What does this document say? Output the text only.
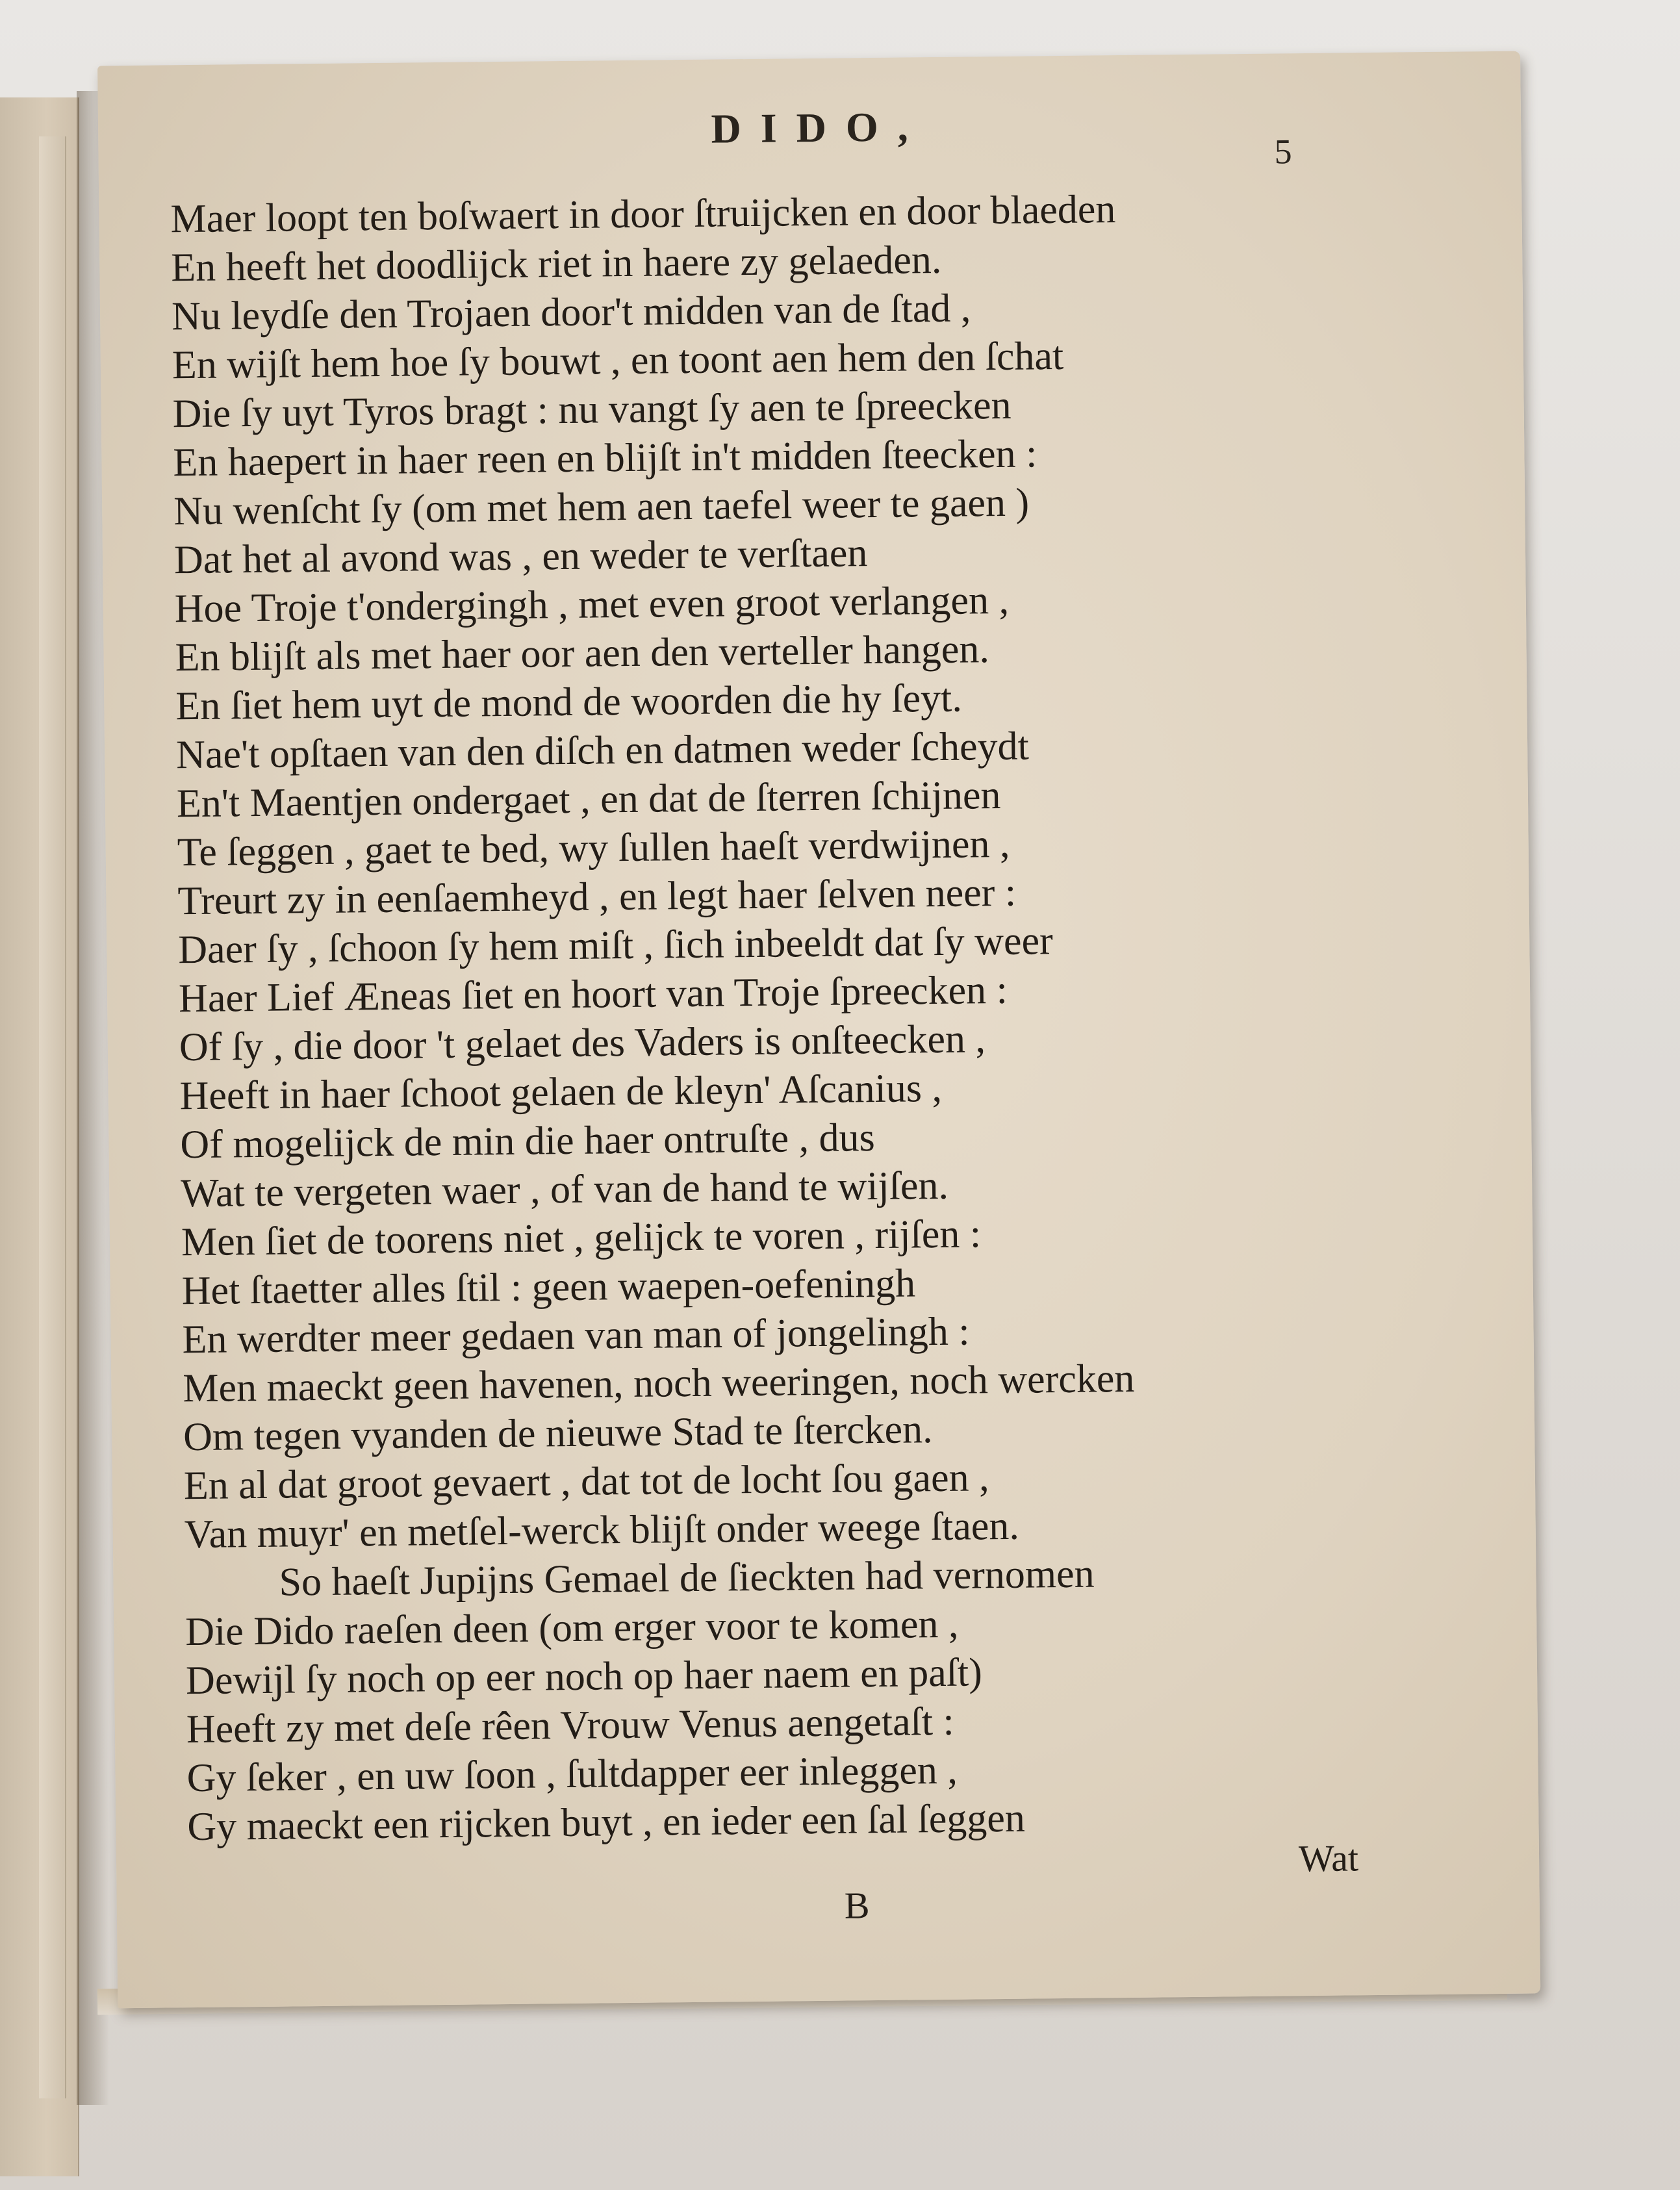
DIDO,	5
Maer loopt ten boſwaert in door ſtruijcken en door blaeden
En heeft het doodlijck riet in haere zy gelaeden.
Nu leydſe den Trojaen door't midden van de ſtad ,
En wijſt hem hoe ſy bouwt , en toont aen hem den ſchat
Die ſy uyt Tyros bragt : nu vangt ſy aen te ſpreecken
En haepert in haer reen en blijſt in't midden ſteecken :
Nu wenſcht ſy (om met hem aen taefel weer te gaen )
Dat het al avond was , en weder te verſtaen
Hoe Troje t'ondergingh , met even groot verlangen ,
En blijſt als met haer oor aen den verteller hangen.
En ſiet hem uyt de mond de woorden die hy ſeyt.
Nae't opſtaen van den diſch en datmen weder ſcheydt
En't Maentjen ondergaet , en dat de ſterren ſchijnen
Te ſeggen , gaet te bed, wy ſullen haeſt verdwijnen ,
Treurt zy in eenſaemheyd , en legt haer ſelven neer :
Daer ſy , ſchoon ſy hem miſt , ſich inbeeldt dat ſy weer
Haer Lief Æneas ſiet en hoort van Troje ſpreecken :
Of ſy , die door 't gelaet des Vaders is onſteecken ,
Heeft in haer ſchoot gelaen de kleyn' Aſcanius ,
Of mogelijck de min die haer ontruſte , dus
Wat te vergeten waer , of van de hand te wijſen.
Men ſiet de toorens niet , gelijck te voren , rijſen :
Het ſtaetter alles ſtil : geen waepen-oefeningh
En werdter meer gedaen van man of jongelingh :
Men maeckt geen havenen, noch weeringen, noch wercken
Om tegen vyanden de nieuwe Stad te ſtercken.
En al dat groot gevaert , dat tot de locht ſou gaen ,
Van muyr' en metſel-werck blijſt onder weege ſtaen.
So haeſt Jupijns Gemael de ſieckten had vernomen
Die Dido raeſen deen (om erger voor te komen ,
Dewijl ſy noch op eer noch op haer naem en paſt)
Heeft zy met deſe rêen Vrouw Venus aengetaſt :
Gy ſeker , en uw ſoon , ſultdapper eer inleggen ,
Gy maeckt een rijcken buyt , en ieder een ſal ſeggen
Wat
B
